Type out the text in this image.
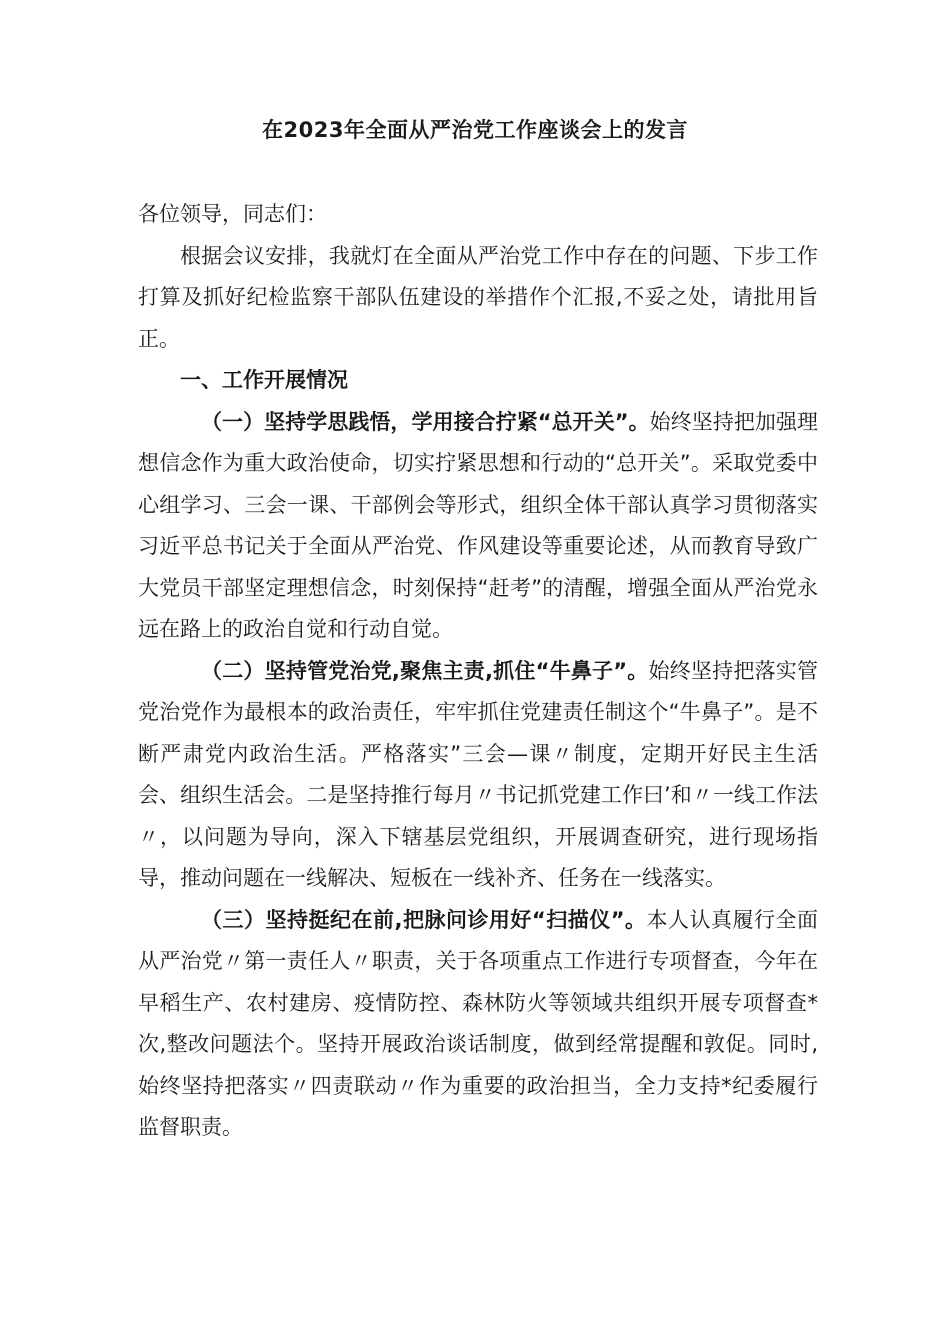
在2023年全面从严治党工作座谈会上的发言

各位领导，同志们：

根据会议安排，我就灯在全面从严治党工作中存在的问题、下步工作打算及抓好纪检监察干部队伍建设的举措作个汇报,不妥之处，请批用旨正。

一、工作开展情况

（一）坚持学思践悟，学用接合拧紧“总开关”。始终坚持把加强理想信念作为重大政治使命，切实拧紧思想和行动的“总开关”。采取党委中心组学习、三会一课、干部例会等形式，组织全体干部认真学习贯彻落实习近平总书记关于全面从严治党、作风建设等重要论述，从而教育导致广大党员干部坚定理想信念，时刻保持“赶考”的清醒，增强全面从严治党永远在路上的政治自觉和行动自觉。

（二）坚持管党治党,聚焦主责,抓住“牛鼻子”。始终坚持把落实管党治党作为最根本的政治责任，牢牢抓住党建责任制这个“牛鼻子”。是不断严肃党内政治生活。严格落实”三会—课〃制度，定期开好民主生活会、组织生活会。二是坚持推行每月〃书记抓党建工作曰’和〃一线工作法〃，以问题为导向，深入下辖基层党组织，开展调查研究，进行现场指导，推动问题在一线解决、短板在一线补齐、任务在一线落实。

（三）坚持挺纪在前,把脉问诊用好“扫描仪”。本人认真履行全面从严治党〃第一责任人〃职责，关于各项重点工作进行专项督查，今年在早稻生产、农村建房、疫情防控、森林防火等领域共组织开展专项督查*次,整改问题法个。坚持开展政治谈话制度，做到经常提醒和敦促。同时,始终坚持把落实〃四责联动〃作为重要的政治担当，全力支持*纪委履行监督职责。
